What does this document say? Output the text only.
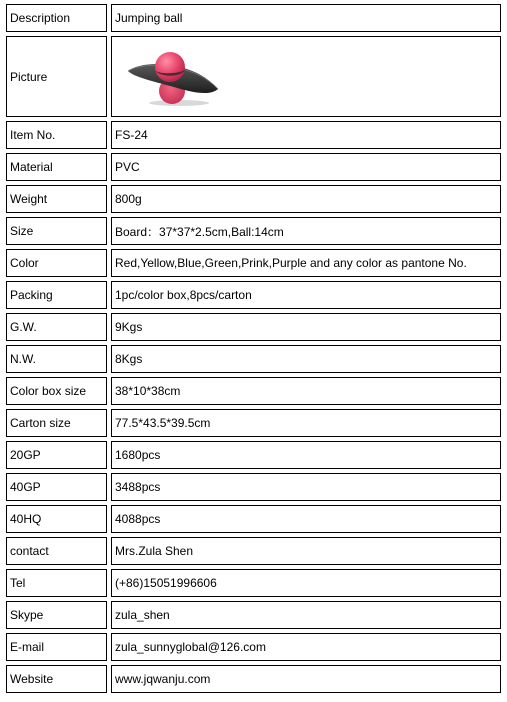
Description	Jumping ball
Picture
Item No.	FS-24
Material	PVC
Weight	800g
Size	Board：37*37*2.5cm,Ball:14cm
Color	Red,Yellow,Blue,Green,Prink,Purple and any color as pantone No.
Packing	1pc/color box,8pcs/carton
G.W.	9Kgs
N.W.	8Kgs
Color box size	38*10*38cm
Carton size	77.5*43.5*39.5cm
20GP	1680pcs
40GP	3488pcs
40HQ	4088pcs
contact	Mrs.Zula Shen
Tel	(+86)15051996606
Skype	zula_shen
E-mail	zula_sunnyglobal@126.com
Website	www.jqwanju.com
